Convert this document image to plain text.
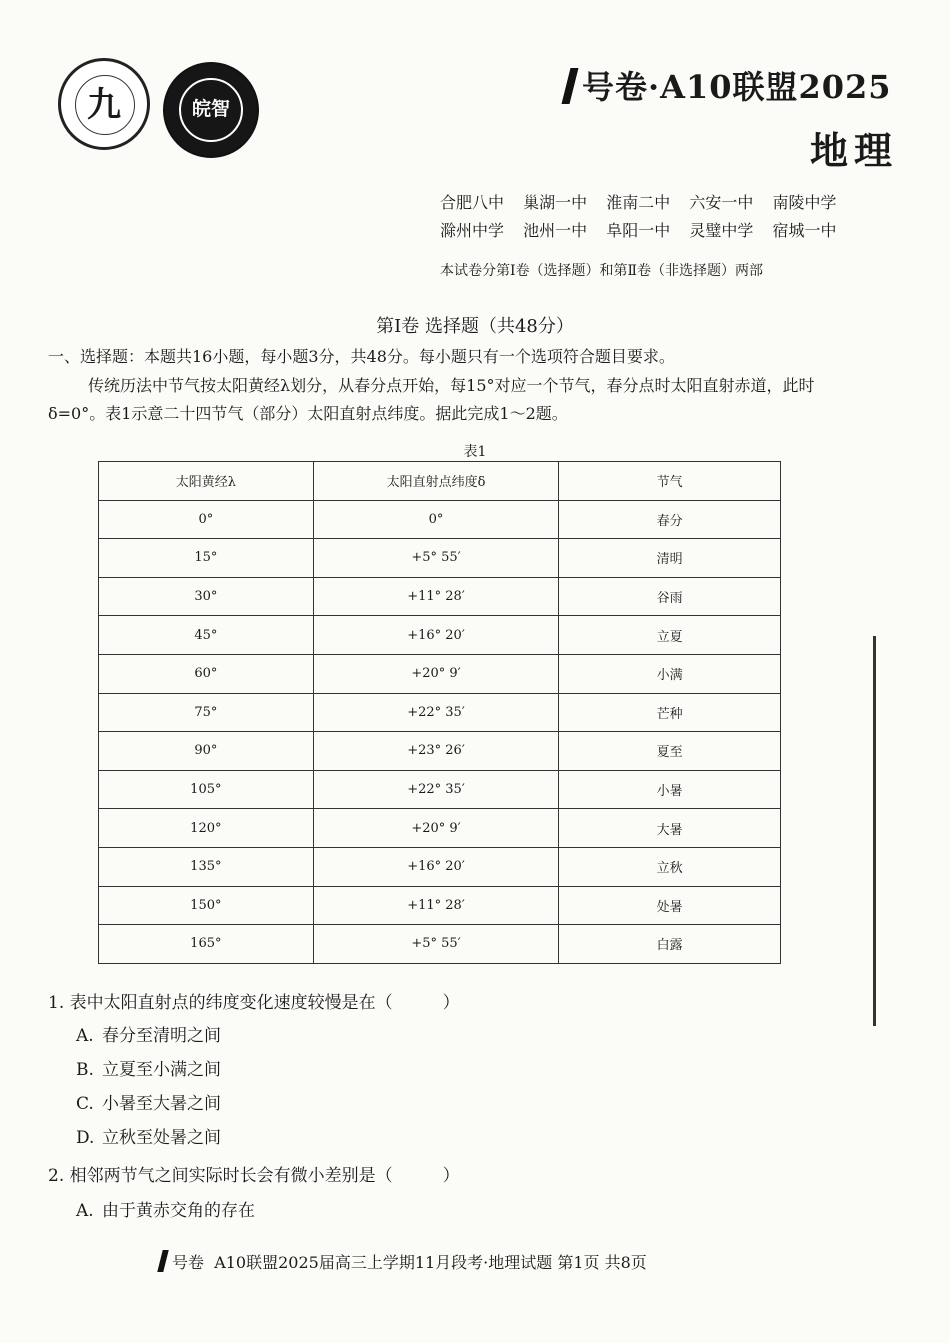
九	皖智
号卷·A10联盟2025
地理
合肥八中 巢湖一中 淮南二中 六安一中 南陵中学
滁州中学 池州一中 阜阳一中 灵璧中学 宿城一中
本试卷分第Ⅰ卷（选择题）和第Ⅱ卷（非选择题）两部
第Ⅰ卷 选择题（共48分）
一、选择题：本题共16小题，每小题3分，共48分。每小题只有一个选项符合题目要求。
传统历法中节气按太阳黄经λ划分，从春分点开始，每15°对应一个节气，春分点时太阳直射赤道，此时δ=0°。表1示意二十四节气（部分）太阳直射点纬度。据此完成1～2题。
表1
太阳黄经λ	太阳直射点纬度δ	节气
0°	0°	春分
15°	+5° 55′	清明
30°	+11° 28′	谷雨
45°	+16° 20′	立夏
60°	+20° 9′	小满
75°	+22° 35′	芒种
90°	+23° 26′	夏至
105°	+22° 35′	小暑
120°	+20° 9′	大暑
135°	+16° 20′	立秋
150°	+11° 28′	处暑
165°	+5° 55′	白露
1. 表中太阳直射点的纬度变化速度较慢是在（	）
A. 春分至清明之间
B. 立夏至小满之间
C. 小暑至大暑之间
D. 立秋至处暑之间
2. 相邻两节气之间实际时长会有微小差别是（	）
A. 由于黄赤交角的存在
号卷 A10联盟2025届高三上学期11月段考·地理试题 第1页 共8页
